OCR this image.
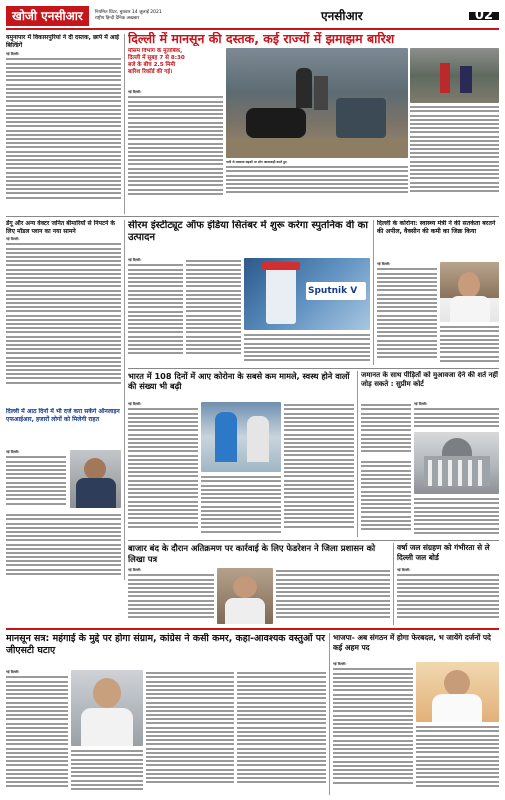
खोजी एनसीआर	नियमित प्रिंटर, बुधवार 14 जुलाई 2021
राष्ट्रीय हिन्दी दैनिक अखबार	एनसीआर	02
यमुनापार में विकासपुरियां ने दी दस्तक, छापे में आई बिल्डिंगें
नई दिल्ली:
दिल्ली में मानसून की दस्तक, कई राज्यों में झमाझम बारिश
मौसम विभाग के मुताबिक,
दिल्ली में सुबह 7 से 8:30
बजे के बीच 2.5 मिमी
बारिश रिकॉर्ड की गई।
नई दिल्ली:
पानी से लबालब सड़कों पर लोग आवाजाही करते हुए
डेंगू और अन्य वेक्टर जनित बीमारियों से निपटने के लिए मॉडल प्लान का नया सामने
नई दिल्ली:
सीरम इंस्टीट्यूट ऑफ इंडिया सितंबर में शुरू करेगा स्पुतनिक वी का उत्पादन
नई दिल्ली:
Sputnik V
दिल्ली के कोरोना: स्वास्थ्य मंत्री ने की सतर्कता बरतने की अपील, वैक्सीन की कमी का जिक्र किया
नई दिल्ली:
भारत में 108 दिनों में आए कोरोना के सबसे कम मामले, स्वस्थ होने वालों की संख्या भी बढ़ी
नई दिल्ली:
जमानत के साथ पीड़ितों को मुआवजा देने की शर्त नहीं जोड़ सकते : सुप्रीम कोर्ट
नई दिल्ली:
दिल्ली में आठ दिनों में भी दर्ज करा सकेंगे ऑनलाइन एफआईआर, हजारों लोगों को मिलेगी राहत
नई दिल्ली:
बाजार बंद के दौरान अतिक्रमण पर कार्रवाई के लिए फेडरेशन ने जिला प्रशासन को लिखा पत्र
नई दिल्ली:
वर्षा जल संग्रहण को गंभीरता से ले दिल्ली जल बोर्ड
नई दिल्ली:
मानसून सत्र: महंगाई के मुद्दे पर होगा संग्राम, कांग्रेस ने कसी कमर, कहा-आवश्यक वस्तुओं पर जीएसटी घटाए
नई दिल्ली:
भाजपा- अब संगठन में होगा फेरबदल, भ जायेंगे दर्जनों पदे कई अहम पद
नई दिल्ली:
